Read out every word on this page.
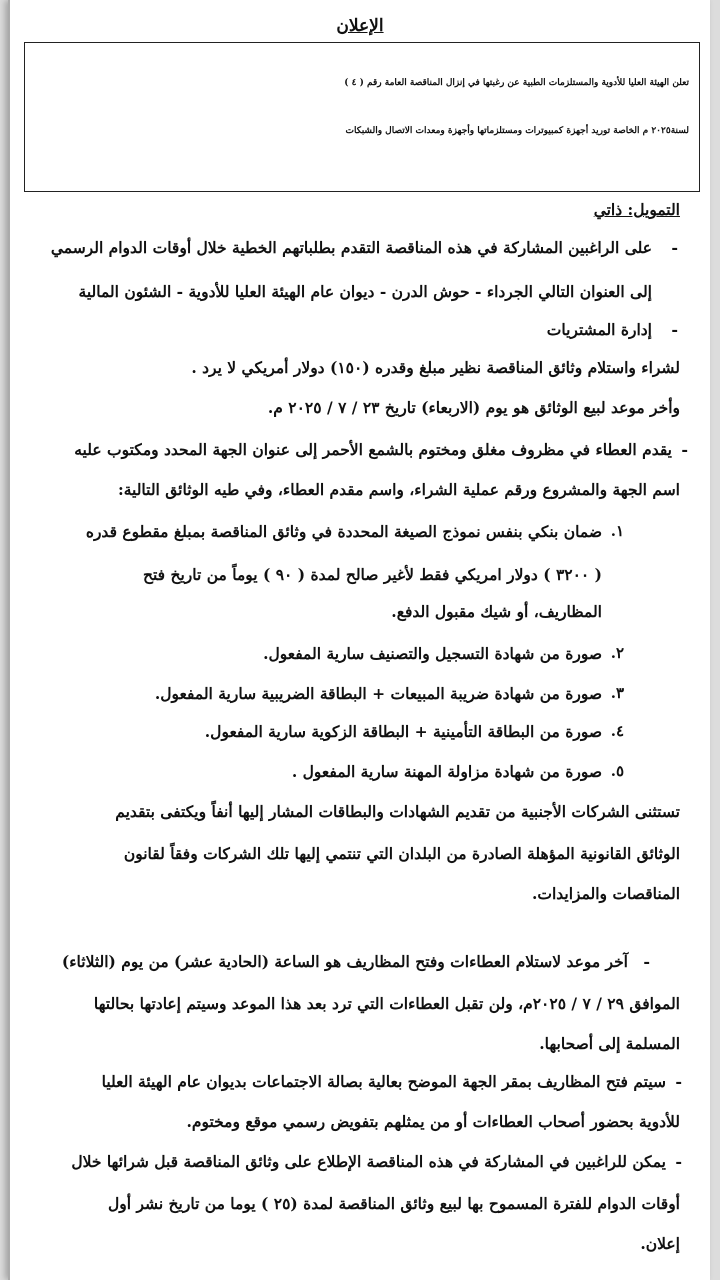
الإعلان
تعلن الهيئة العليا للأدوية والمستلزمات الطبية عن رغبتها في إنزال المناقصة العامة رقم ( ٤ )
لسنة٢٠٢٥ م الخاصة توريد أجهزة كمبيوترات ومستلزماتها وأجهزة ومعدات الاتصال والشبكات
التمويل: ذاتي
-
على الراغبين المشاركة في هذه المناقصة التقدم بطلباتهم الخطية خلال أوقات الدوام الرسمي
إلى العنوان التالي الجرداء - حوش الدرن - ديوان عام الهيئة العليا للأدوية - الشئون المالية
-
إدارة المشتريات
لشراء واستلام وثائق المناقصة نظير مبلغ وقدره (١٥٠) دولار أمريكي لا يرد .
وأخر موعد لبيع الوثائق هو يوم (الاربعاء) تاريخ ٢٣ / ٧ / ٢٠٢٥ م.
-
يقدم العطاء في مظروف مغلق ومختوم بالشمع الأحمر إلى عنوان الجهة المحدد ومكتوب عليه
اسم الجهة والمشروع ورقم عملية الشراء، واسم مقدم العطاء، وفي طيه الوثائق التالية:
١.
ضمان بنكي بنفس نموذج الصيغة المحددة في وثائق المناقصة بمبلغ مقطوع قدره
( ٣٢٠٠ ) دولار امريكي فقط لأغير صالح لمدة ( ٩٠ ) يوماً من تاريخ فتح
المظاريف، أو شيك مقبول الدفع.
٢.
صورة من شهادة التسجيل والتصنيف سارية المفعول.
٣.
صورة من شهادة ضريبة المبيعات + البطاقة الضريبية سارية المفعول.
٤.
صورة من البطاقة التأمينية + البطاقة الزكوية سارية المفعول.
٥.
صورة من شهادة مزاولة المهنة سارية المفعول .
تستثنى الشركات الأجنبية من تقديم الشهادات والبطاقات المشار إليها أنفاً ويكتفى بتقديم
الوثائق القانونية المؤهلة الصادرة من البلدان التي تنتمي إليها تلك الشركات وفقاً لقانون
المناقصات والمزايدات.
-
آخر موعد لاستلام العطاءات وفتح المظاريف هو الساعة (الحادية عشر) من يوم (الثلاثاء)
الموافق ٢٩ / ٧ / ٢٠٢٥م، ولن تقبل العطاءات التي ترد بعد هذا الموعد وسيتم إعادتها بحالتها
المسلمة إلى أصحابها.
-
سيتم فتح المظاريف بمقر الجهة الموضح بعالية بصالة الاجتماعات بديوان عام الهيئة العليا
للأدوية بحضور أصحاب العطاءات أو من يمثلهم بتفويض رسمي موقع ومختوم.
-
يمكن للراغبين في المشاركة في هذه المناقصة الإطلاع على وثائق المناقصة قبل شرائها خلال
أوقات الدوام للفترة المسموح بها لبيع وثائق المناقصة لمدة (٢٥ ) يوما من تاريخ نشر أول
إعلان.
